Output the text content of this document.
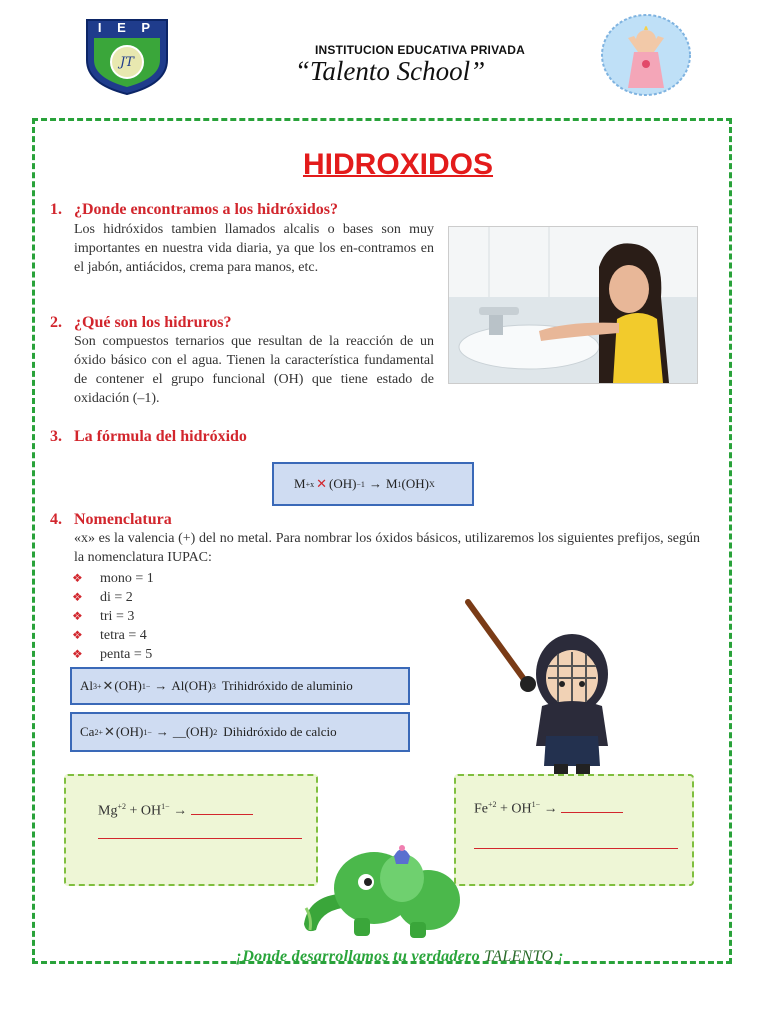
JT
I E P
INSTITUCION EDUCATIVA PRIVADA
“Talento School”
HIDROXIDOS
1. ¿Donde encontramos a los hidróxidos?
Los hidróxidos tambien llamados alcalis o bases son muy importantes en nuestra vida diaria, ya que los en-contramos en el jabón, antiácidos, crema para manos, etc.
2. ¿Qué son los hidruros?
Son compuestos ternarios que resultan de la reacción de un óxido básico con el agua. Tienen la característica fundamental de contener el grupo funcional (OH) que tiene estado de oxidación (–1).
3. La fórmula del hidróxido
M +x ✕ (OH) −1 → M 1 (OH) X
4. Nomenclatura
«x» es la valencia (+) del no metal. Para nombrar los óxidos básicos, utilizaremos los siguientes prefijos, según la nomenclatura IUPAC:
❖	mono = 1
❖	di = 2
❖	tri = 3
❖	tetra = 4
❖	penta = 5
Al 3+ ✕ (OH) 1− → Al(OH) 3 Trihidróxido de aluminio
Ca 2+ ✕ (OH) 1− → __(OH) 2 Dihidróxido de calcio
$Mg^{+2} + OH^{1-}$ →	$Fe^{+2} + OH^{1-}$ →
¡Donde desarrollamos tu verdadero TALENTO ¡
